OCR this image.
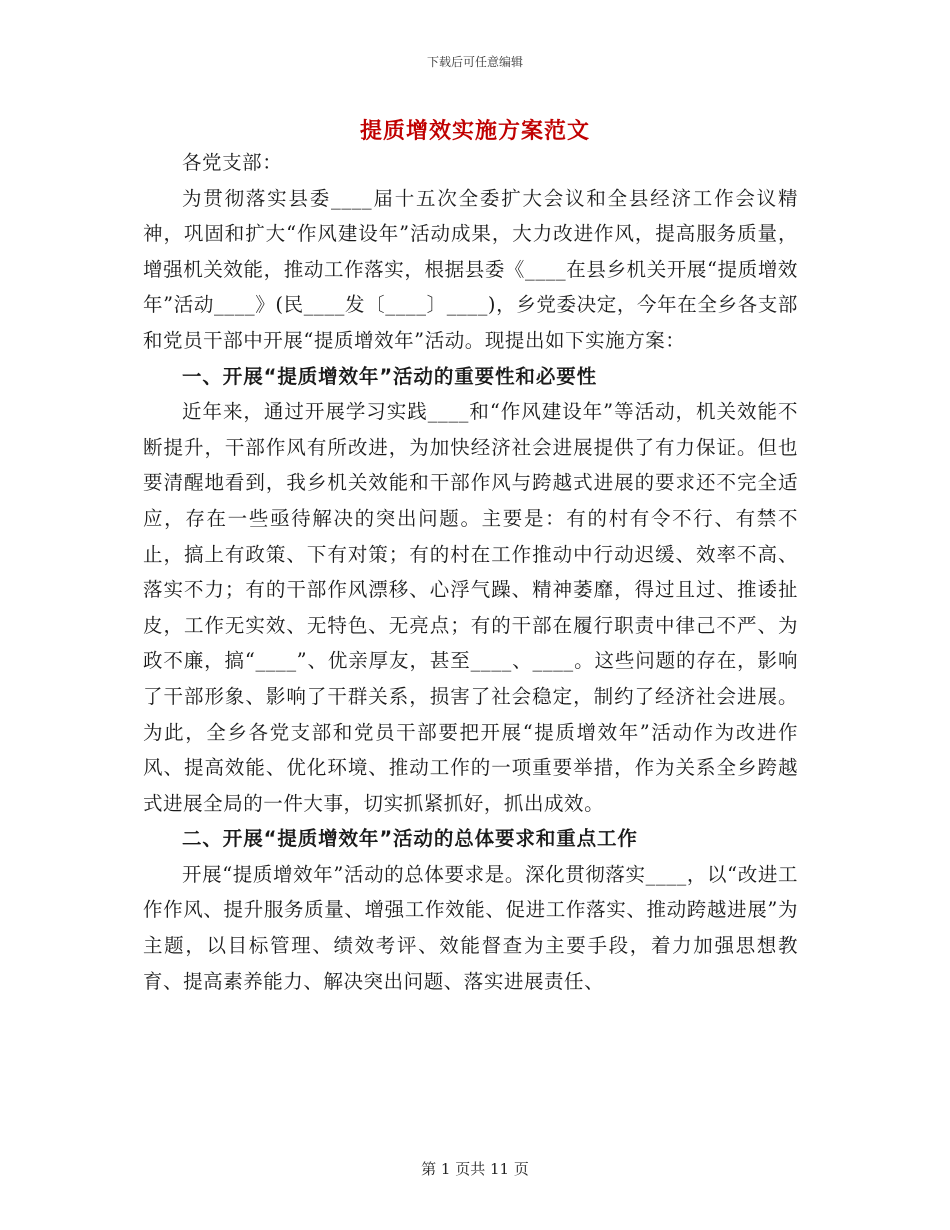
下载后可任意编辑
提质增效实施方案范文

各党支部：

为贯彻落实县委____届十五次全委扩大会议和全县经济工作会议精神，巩固和扩大“作风建设年”活动成果，大力改进作风，提高服务质量，增强机关效能，推动工作落实，根据县委《____在县乡机关开展“提质增效年”活动____》(民____发〔____〕____)，乡党委决定，今年在全乡各支部和党员干部中开展“提质增效年”活动。现提出如下实施方案：

一、开展“提质增效年”活动的重要性和必要性

近年来，通过开展学习实践____和“作风建设年”等活动，机关效能不断提升，干部作风有所改进，为加快经济社会进展提供了有力保证。但也要清醒地看到，我乡机关效能和干部作风与跨越式进展的要求还不完全适应，存在一些亟待解决的突出问题。主要是：有的村有令不行、有禁不止，搞上有政策、下有对策；有的村在工作推动中行动迟缓、效率不高、落实不力；有的干部作风漂移、心浮气躁、精神萎靡，得过且过、推诿扯皮，工作无实效、无特色、无亮点；有的干部在履行职责中律己不严、为政不廉，搞“____”、优亲厚友，甚至____、____。这些问题的存在，影响了干部形象、影响了干群关系，损害了社会稳定，制约了经济社会进展。为此，全乡各党支部和党员干部要把开展“提质增效年”活动作为改进作风、提高效能、优化环境、推动工作的一项重要举措，作为关系全乡跨越式进展全局的一件大事，切实抓紧抓好，抓出成效。

二、开展“提质增效年”活动的总体要求和重点工作

开展“提质增效年”活动的总体要求是。深化贯彻落实____，以“改进工作作风、提升服务质量、增强工作效能、促进工作落实、推动跨越进展”为主题，以目标管理、绩效考评、效能督查为主要手段，着力加强思想教育、提高素养能力、解决突出问题、落实进展责任、

第 1 页共 11 页
